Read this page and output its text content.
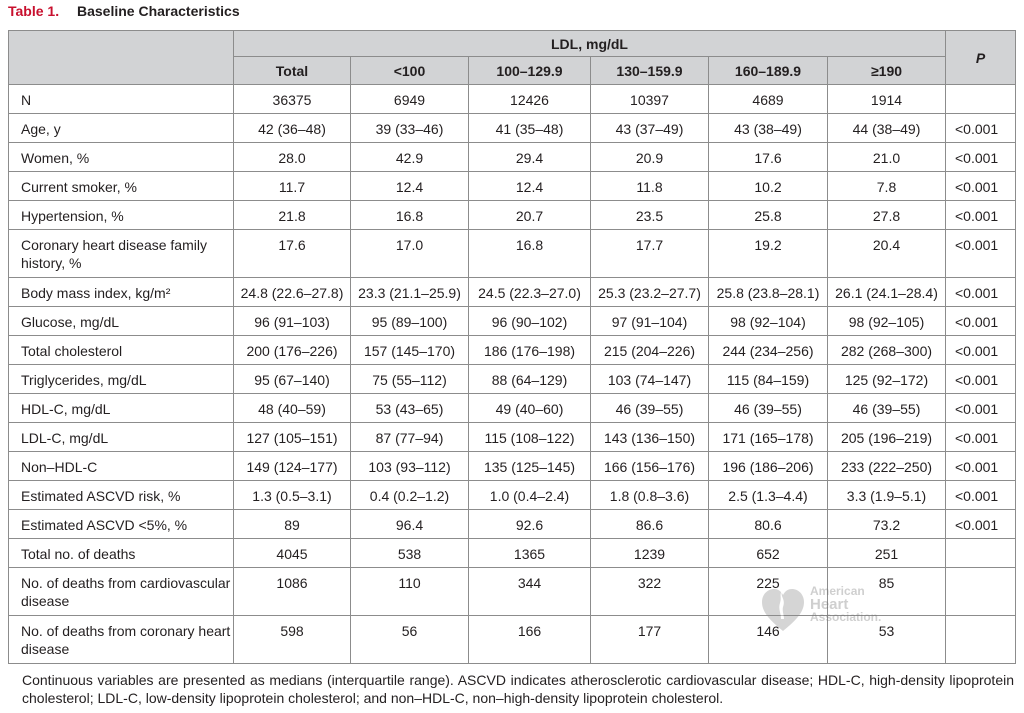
Table 1. Baseline Characteristics
	LDL, mg/dL						P
	Total	<100	100–129.9	130–159.9	160–189.9	≥190	
N	36375	6949	12426	10397	4689	1914	
Age, y	42 (36–48)	39 (33–46)	41 (35–48)	43 (37–49)	43 (38–49)	44 (38–49)	<0.001
Women, %	28.0	42.9	29.4	20.9	17.6	21.0	<0.001
Current smoker, %	11.7	12.4	12.4	11.8	10.2	7.8	<0.001
Hypertension, %	21.8	16.8	20.7	23.5	25.8	27.8	<0.001
Coronary heart disease family history, %	17.6	17.0	16.8	17.7	19.2	20.4	<0.001
Body mass index, kg/m²	24.8 (22.6–27.8)	23.3 (21.1–25.9)	24.5 (22.3–27.0)	25.3 (23.2–27.7)	25.8 (23.8–28.1)	26.1 (24.1–28.4)	<0.001
Glucose, mg/dL	96 (91–103)	95 (89–100)	96 (90–102)	97 (91–104)	98 (92–104)	98 (92–105)	<0.001
Total cholesterol	200 (176–226)	157 (145–170)	186 (176–198)	215 (204–226)	244 (234–256)	282 (268–300)	<0.001
Triglycerides, mg/dL	95 (67–140)	75 (55–112)	88 (64–129)	103 (74–147)	115 (84–159)	125 (92–172)	<0.001
HDL-C, mg/dL	48 (40–59)	53 (43–65)	49 (40–60)	46 (39–55)	46 (39–55)	46 (39–55)	<0.001
LDL-C, mg/dL	127 (105–151)	87 (77–94)	115 (108–122)	143 (136–150)	171 (165–178)	205 (196–219)	<0.001
Non–HDL-C	149 (124–177)	103 (93–112)	135 (125–145)	166 (156–176)	196 (186–206)	233 (222–250)	<0.001
Estimated ASCVD risk, %	1.3 (0.5–3.1)	0.4 (0.2–1.2)	1.0 (0.4–2.4)	1.8 (0.8–3.6)	2.5 (1.3–4.4)	3.3 (1.9–5.1)	<0.001
Estimated ASCVD <5%, %	89	96.4	92.6	86.6	80.6	73.2	<0.001
Total no. of deaths	4045	538	1365	1239	652	251	
No. of deaths from cardiovascular disease	1086	110	344	322	225	85	
No. of deaths from coronary heart disease	598	56	166	177	146	53	
American
Heart
Association.
Continuous variables are presented as medians (interquartile range). ASCVD indicates atherosclerotic cardiovascular disease; HDL-C, high-density lipoprotein cholesterol; LDL-C, low-density lipoprotein cholesterol; and non–HDL-C, non–high-density lipoprotein cholesterol.
